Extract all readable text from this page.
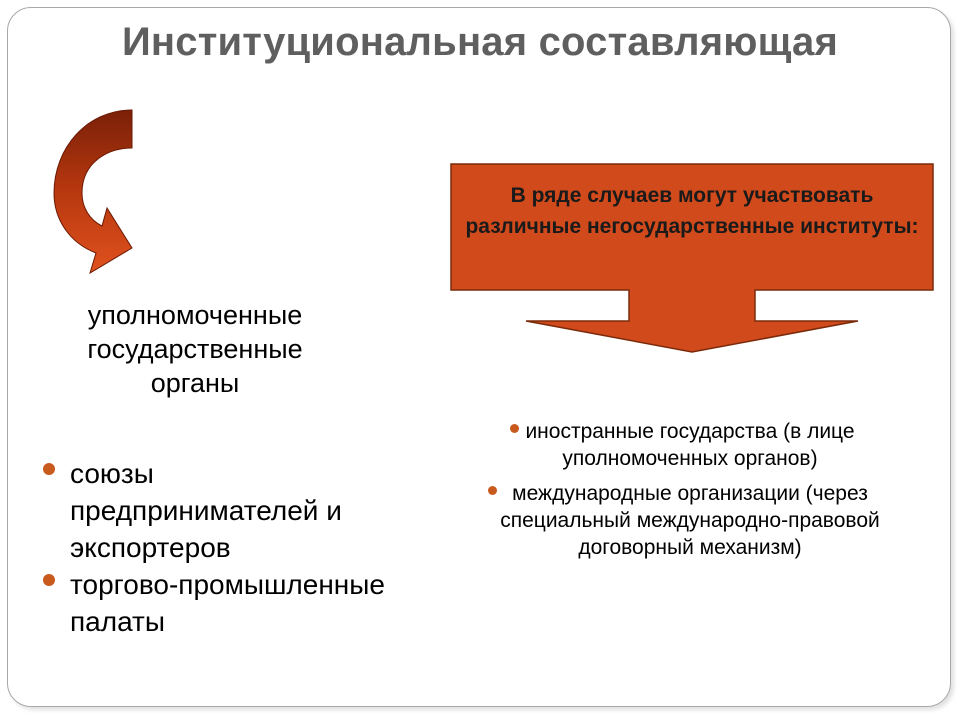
Институциональная составляющая
уполномоченные государственные органы
союзы предпринимателей и экспортеров
торгово-промышленные палаты
В ряде случаев могут участвовать различные негосударственные институты:
иностранные государства (в лице уполномоченных органов)
международные организации (через специальный международно-правовой договорный механизм)
